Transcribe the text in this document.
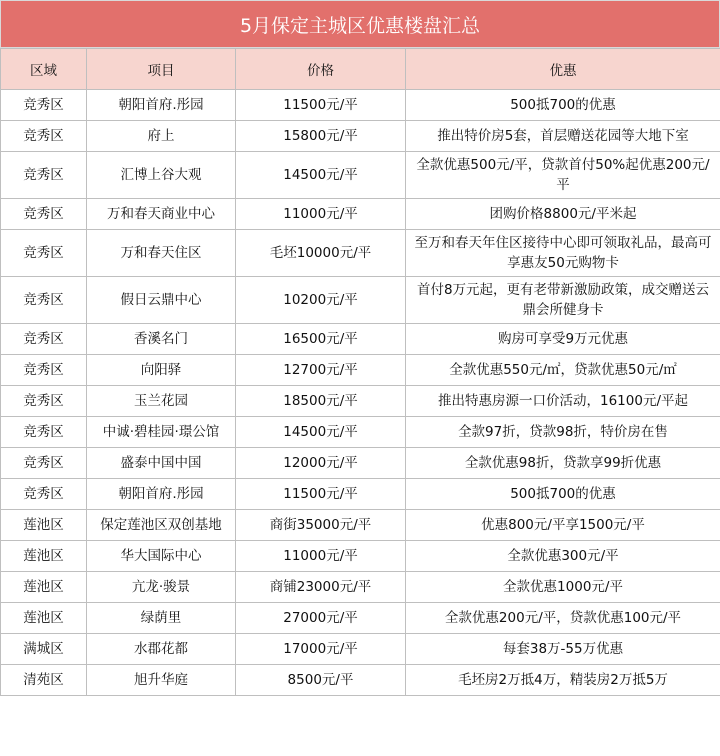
5月保定主城区优惠楼盘汇总
区域	项目	价格	优惠
竞秀区	朝阳首府.彤园	11500元/平	500抵700的优惠
竞秀区	府上	15800元/平	推出特价房5套，首层赠送花园等大地下室
竞秀区	汇博上谷大观	14500元/平	全款优惠500元/平，贷款首付50%起优惠200元/平
竞秀区	万和春天商业中心	11000元/平	团购价格8800元/平米起
竞秀区	万和春天住区	毛坯10000元/平	至万和春天年住区接待中心即可领取礼品，最高可享惠友50元购物卡
竞秀区	假日云鼎中心	10200元/平	首付8万元起，更有老带新激励政策，成交赠送云鼎会所健身卡
竞秀区	香溪名门	16500元/平	购房可享受9万元优惠
竞秀区	向阳驿	12700元/平	全款优惠550元/㎡，贷款优惠50元/㎡
竞秀区	玉兰花园	18500元/平	推出特惠房源一口价活动，16100元/平起
竞秀区	中诚·碧桂园·璟公馆	14500元/平	全款97折，贷款98折，特价房在售
竞秀区	盛泰中国中国	12000元/平	全款优惠98折，贷款享99折优惠
竞秀区	朝阳首府.彤园	11500元/平	500抵700的优惠
莲池区	保定莲池区双创基地	商街35000元/平	优惠800元/平享1500元/平
莲池区	华大国际中心	11000元/平	全款优惠300元/平
莲池区	亢龙·骏景	商铺23000元/平	全款优惠1000元/平
莲池区	绿荫里	27000元/平	全款优惠200元/平，贷款优惠100元/平
满城区	水郡花都	17000元/平	每套38万-55万优惠
清苑区	旭升华庭	8500元/平	毛坯房2万抵4万，精装房2万抵5万
